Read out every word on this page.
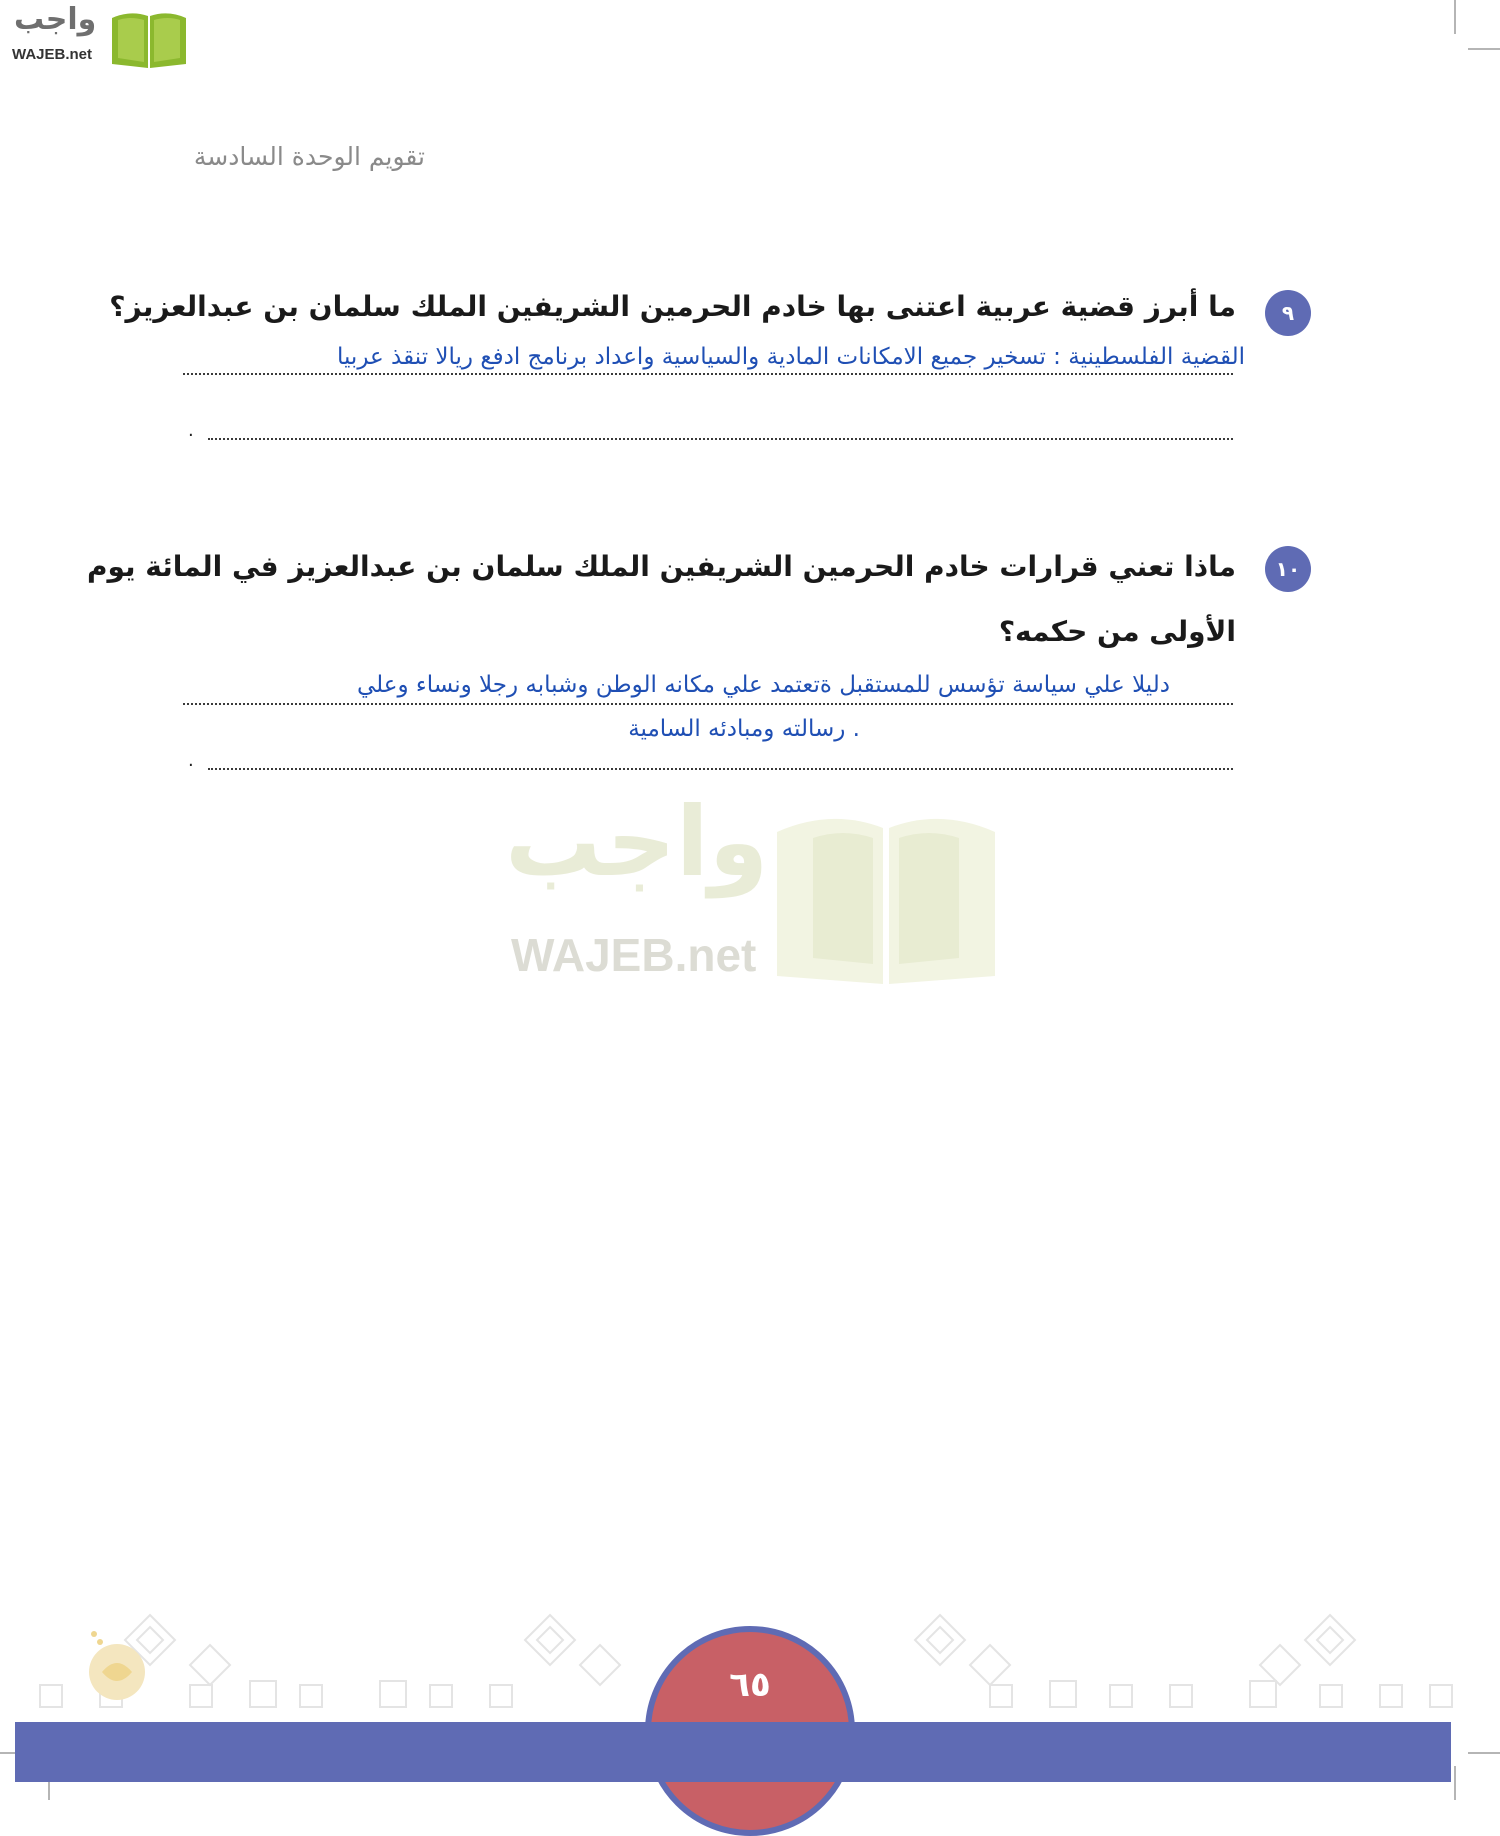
واجب
WAJEB.net
تقويم الوحدة السادسة
٩
ما أبرز قضية عربية اعتنى بها خادم الحرمين الشريفين الملك سلمان بن عبدالعزيز؟
القضية الفلسطينية : تسخير جميع الامكانات المادية والسياسية واعداد برنامج ادفع ريالا تنقذ عربيا
.
١٠
ماذا تعني قرارات خادم الحرمين الشريفين الملك سلمان بن عبدالعزيز في المائة يوم
الأولى من حكمه؟
دليلا علي سياسة تؤسس للمستقبل ةتعتمد علي مكانه الوطن وشبابه رجلا ونساء وعلي
. رسالته ومبادئه السامية
.
واجب
WAJEB.net
٦٥
